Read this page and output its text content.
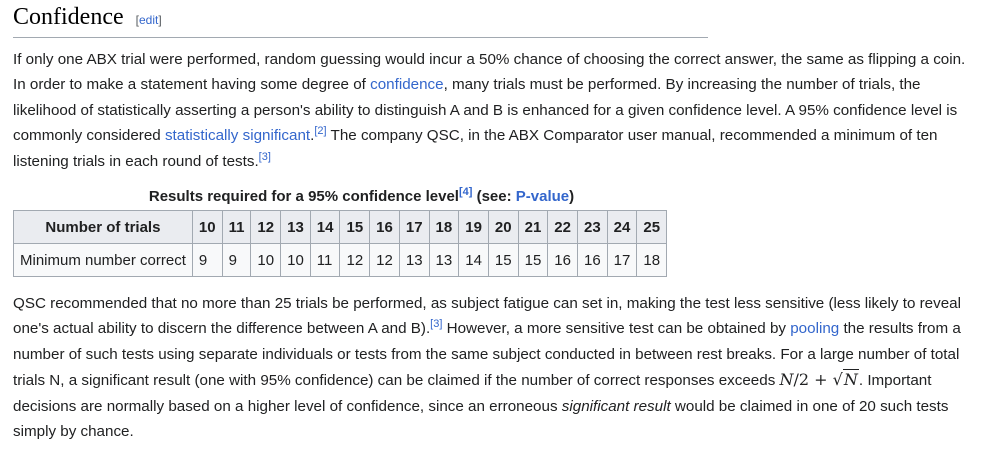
Confidence [edit]

If only one ABX trial were performed, random guessing would incur a 50% chance of choosing the correct answer, the same as flipping a coin. In order to make a statement having some degree of confidence, many trials must be performed. By increasing the number of trials, the likelihood of statistically asserting a person's ability to distinguish A and B is enhanced for a given confidence level. A 95% confidence level is commonly considered statistically significant.[2] The company QSC, in the ABX Comparator user manual, recommended a minimum of ten listening trials in each round of tests.[3]

Results required for a 95% confidence level[4] (see: P-value)
Number of trials	10	11	12	13	14	15	16	17	18	19	20	21	22	23	24	25
Minimum number correct	9	9	10	10	11	12	12	13	13	14	15	15	16	16	17	18

QSC recommended that no more than 25 trials be performed, as subject fatigue can set in, making the test less sensitive (less likely to reveal one's actual ability to discern the difference between A and B).[3] However, a more sensitive test can be obtained by pooling the results from a number of such tests using separate individuals or tests from the same subject conducted in between rest breaks. For a large number of total trials N, a significant result (one with 95% confidence) can be claimed if the number of correct responses exceeds N/2 + √N. Important decisions are normally based on a higher level of confidence, since an erroneous significant result would be claimed in one of 20 such tests simply by chance.
